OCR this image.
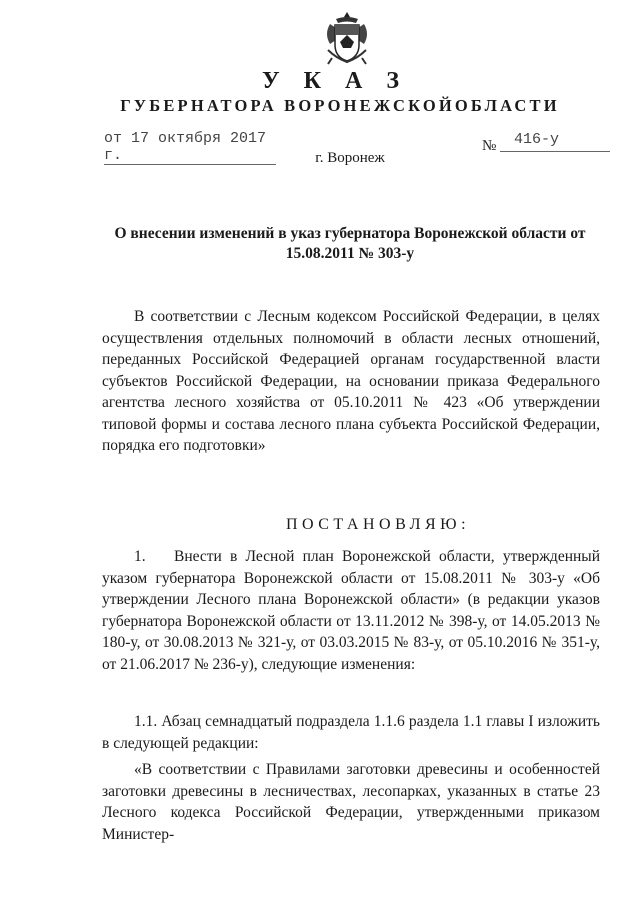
У К А З
ГУБЕРНАТОРА ВОРОНЕЖСКОЙОБЛАСТИ
от 17 октября 2017 г.
№ 416-у
г. Воронеж
О внесении изменений в указ губернатора Воронежской области от 15.08.2011 № 303-у

В соответствии с Лесным кодексом Российской Федерации, в целях осуществления отдельных полномочий в области лесных отношений, переданных Российской Федерацией органам государственной власти субъектов Российской Федерации, на основании приказа Федерального агентства лесного хозяйства от 05.10.2011 № 423 «Об утверждении типовой формы и состава лесного плана субъекта Российской Федерации, порядка его подготовки»

ПОСТАНОВЛЯЮ:

1. Внести в Лесной план Воронежской области, утвержденный указом губернатора Воронежской области от 15.08.2011 № 303-у «Об утверждении Лесного плана Воронежской области» (в редакции указов губернатора Воронежской области от 13.11.2012 № 398-у, от 14.05.2013 № 180-у, от 30.08.2013 № 321-у, от 03.03.2015 № 83-у, от 05.10.2016 № 351-у, от 21.06.2017 № 236-у), следующие изменения:

1.1. Абзац семнадцатый подраздела 1.1.6 раздела 1.1 главы I изложить в следующей редакции:

«В соответствии с Правилами заготовки древесины и особенностей заготовки древесины в лесничествах, лесопарках, указанных в статье 23 Лесного кодекса Российской Федерации, утвержденными приказом Министер-
